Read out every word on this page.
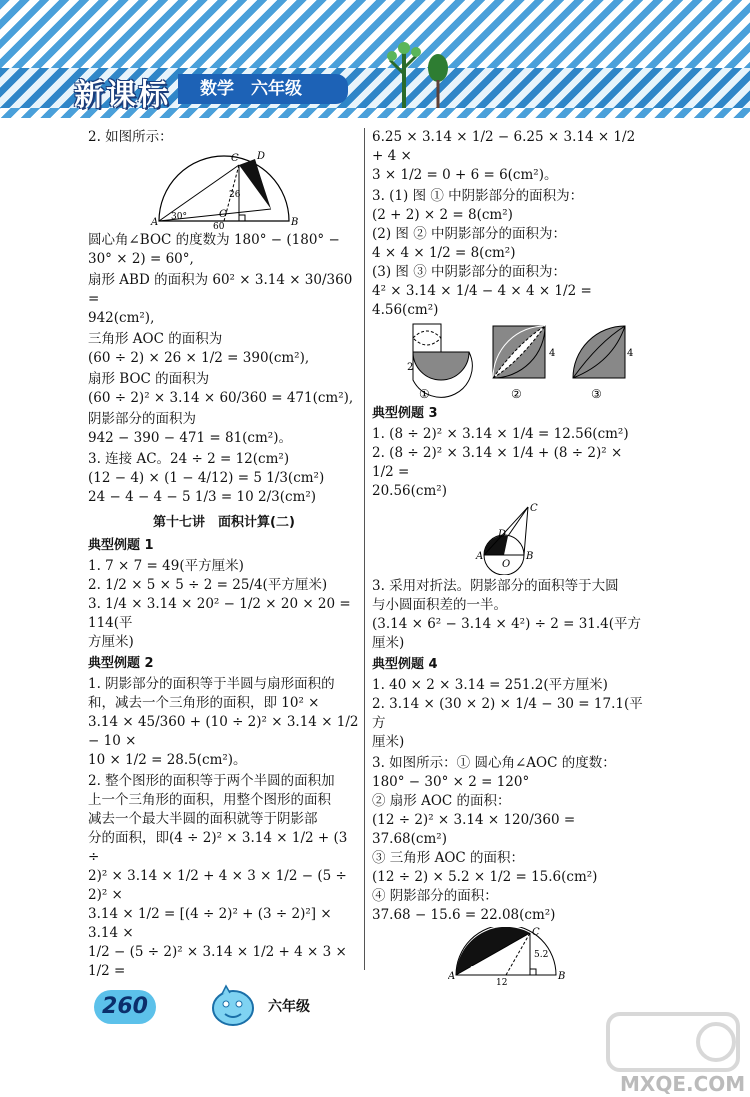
新课标	数学　六年级
2. 如图所示：
A
O
B
C D
30°
26
60
圆心角∠BOC 的度数为 180° − (180° −
30° × 2) = 60°,
扇形 ABD 的面积为 60² × 3.14 × 30/360 =
942(cm²),
三角形 AOC 的面积为
(60 ÷ 2) × 26 × 1/2 = 390(cm²),
扇形 BOC 的面积为
(60 ÷ 2)² × 3.14 × 60/360 = 471(cm²),
阴影部分的面积为
942 − 390 − 471 = 81(cm²)。
3. 连接 AC。24 ÷ 2 = 12(cm²)
(12 − 4) × (1 − 4/12) = 5 1/3(cm²)
24 − 4 − 4 − 5 1/3 = 10 2/3(cm²)
第十七讲　面积计算(二)
典型例题 1
1. 7 × 7 = 49(平方厘米)
2. 1/2 × 5 × 5 ÷ 2 = 25/4(平方厘米)
3. 1/4 × 3.14 × 20² − 1/2 × 20 × 20 = 114(平
方厘米)
典型例题 2
1. 阴影部分的面积等于半圆与扇形面积的
和，减去一个三角形的面积，即 10² ×
3.14 × 45/360 + (10 ÷ 2)² × 3.14 × 1/2 − 10 ×
10 × 1/2 = 28.5(cm²)。
2. 整个图形的面积等于两个半圆的面积加
上一个三角形的面积，用整个图形的面积
减去一个最大半圆的面积就等于阴影部
分的面积，即(4 ÷ 2)² × 3.14 × 1/2 + (3 ÷
2)² × 3.14 × 1/2 + 4 × 3 × 1/2 − (5 ÷ 2)² ×
3.14 × 1/2 = [(4 ÷ 2)² + (3 ÷ 2)²] × 3.14 ×
1/2 − (5 ÷ 2)² × 3.14 × 1/2 + 4 × 3 × 1/2 =
6.25 × 3.14 × 1/2 − 6.25 × 3.14 × 1/2 + 4 ×
3 × 1/2 = 0 + 6 = 6(cm²)。
3. (1) 图 ① 中阴影部分的面积为：
(2 + 2) × 2 = 8(cm²)
(2) 图 ② 中阴影部分的面积为：
4 × 4 × 1/2 = 8(cm²)
(3) 图 ③ 中阴影部分的面积为：
4² × 3.14 × 1/4 − 4 × 4 × 1/2 = 4.56(cm²)
2
4	4
①	②	③
典型例题 3
1. (8 ÷ 2)² × 3.14 × 1/4 = 12.56(cm²)
2. (8 ÷ 2)² × 3.14 × 1/4 + (8 ÷ 2)² × 1/2 =
20.56(cm²)
C
D
A
O
B
3. 采用对折法。阴影部分的面积等于大圆
与小圆面积差的一半。
(3.14 × 6² − 3.14 × 4²) ÷ 2 = 31.4(平方
厘米)
典型例题 4
1. 40 × 2 × 3.14 = 251.2(平方厘米)
2. 3.14 × (30 × 2) × 1/4 − 30 = 17.1(平方
厘米)
3. 如图所示：① 圆心角∠AOC 的度数：
180° − 30° × 2 = 120°
② 扇形 AOC 的面积：
(12 ÷ 2)² × 3.14 × 120/360 = 37.68(cm²)
③ 三角形 AOC 的面积：
(12 ÷ 2) × 5.2 × 1/2 = 15.6(cm²)
④ 阴影部分的面积：
37.68 − 15.6 = 22.08(cm²)
A
O
B
C
30°
5.2
12
260	六年级
MXQE.COM
